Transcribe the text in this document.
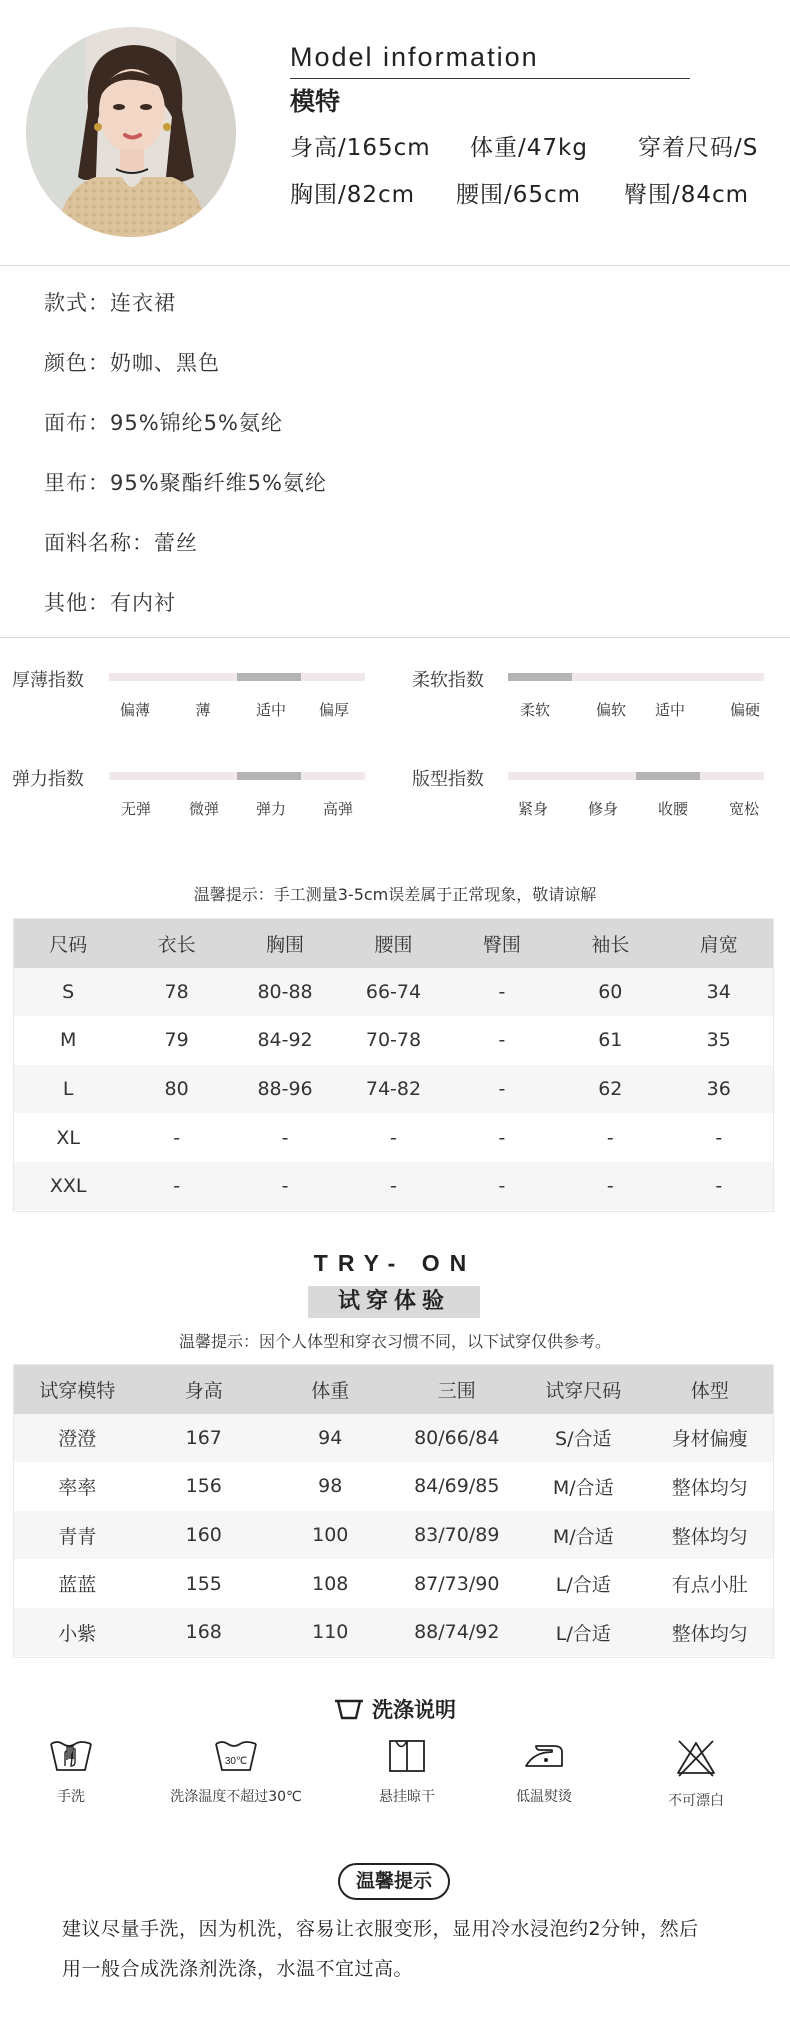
Model information
模特
身高/165cm 体重/47kg 穿着尺码/S
胸围/82cm 腰围/65cm 臀围/84cm
款式：连衣裙
颜色：奶咖、黑色
面布：95%锦纶5%氨纶
里布：95%聚酯纤维5%氨纶
面料名称：蕾丝
其他：有内衬
厚薄指数
偏薄	薄	适中 偏厚
柔软指数
柔软	偏软 适中	偏硬
弹力指数
无弹	微弹 弹力 高弹
版型指数
紧身	修身	收腰	宽松
温馨提示：手工测量3-5cm误差属于正常现象，敬请谅解
尺码	衣长	胸围	腰围	臀围	袖长	肩宽
S	78	80-88	66-74	-	60	34
M	79	84-92	70-78	-	61	35
L	80	88-96	74-82	-	62	36
XL	-	-	-	-	-	-
XXL	-	-	-	-	-	-
TRY- ON
试穿体验
温馨提示：因个人体型和穿衣习惯不同，以下试穿仅供参考。
试穿模特	身高	体重	三围	试穿尺码	体型
澄澄	167	94	80/66/84	S/合适	身材偏瘦
率率	156	98	84/69/85	M/合适	整体均匀
青青	160	100	83/70/89	M/合适	整体均匀
蓝蓝	155	108	87/73/90	L/合适	有点小肚
小紫	168	110	88/74/92	L/合适	整体均匀
洗涤说明
手洗
30℃
洗涤温度不超过30℃	悬挂晾干	低温熨烫	不可漂白
温馨提示
建议尽量手洗，因为机洗，容易让衣服变形，显用冷水浸泡约2分钟，然后
用一般合成洗涤剂洗涤，水温不宜过高。
